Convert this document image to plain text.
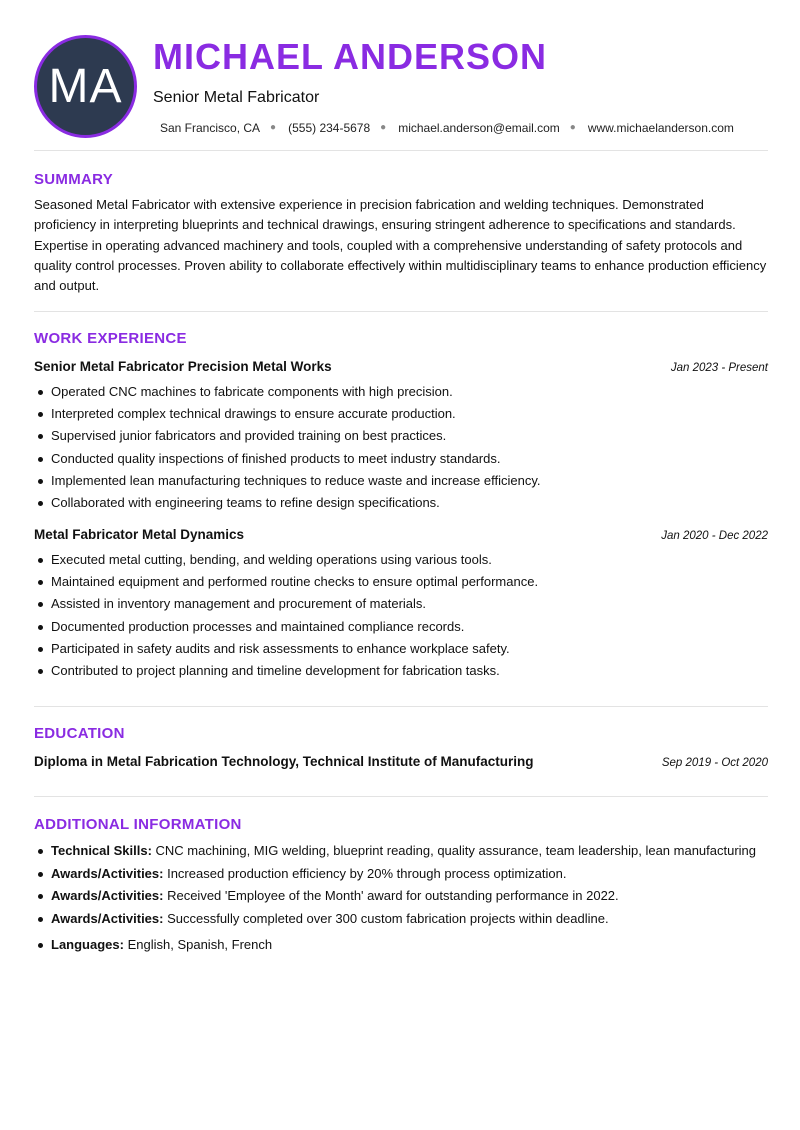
MA
MICHAEL ANDERSON
Senior Metal Fabricator
San Francisco, CA ● (555) 234-5678 ● michael.anderson@email.com ● www.michaelanderson.com
SUMMARY
Seasoned Metal Fabricator with extensive experience in precision fabrication and welding techniques. Demonstrated proficiency in interpreting blueprints and technical drawings, ensuring stringent adherence to specifications and standards. Expertise in operating advanced machinery and tools, coupled with a comprehensive understanding of safety protocols and quality control processes. Proven ability to collaborate effectively within multidisciplinary teams to enhance production efficiency and output.
WORK EXPERIENCE
Senior Metal Fabricator Precision Metal Works	Jan 2023 - Present
Operated CNC machines to fabricate components with high precision.
Interpreted complex technical drawings to ensure accurate production.
Supervised junior fabricators and provided training on best practices.
Conducted quality inspections of finished products to meet industry standards.
Implemented lean manufacturing techniques to reduce waste and increase efficiency.
Collaborated with engineering teams to refine design specifications.
Metal Fabricator Metal Dynamics	Jan 2020 - Dec 2022
Executed metal cutting, bending, and welding operations using various tools.
Maintained equipment and performed routine checks to ensure optimal performance.
Assisted in inventory management and procurement of materials.
Documented production processes and maintained compliance records.
Participated in safety audits and risk assessments to enhance workplace safety.
Contributed to project planning and timeline development for fabrication tasks.
EDUCATION
Diploma in Metal Fabrication Technology, Technical Institute of Manufacturing	Sep 2019 - Oct 2020
ADDITIONAL INFORMATION
Technical Skills: CNC machining, MIG welding, blueprint reading, quality assurance, team leadership, lean manufacturing
Awards/Activities: Increased production efficiency by 20% through process optimization.
Awards/Activities: Received 'Employee of the Month' award for outstanding performance in 2022.
Awards/Activities: Successfully completed over 300 custom fabrication projects within deadline.
Languages: English, Spanish, French
